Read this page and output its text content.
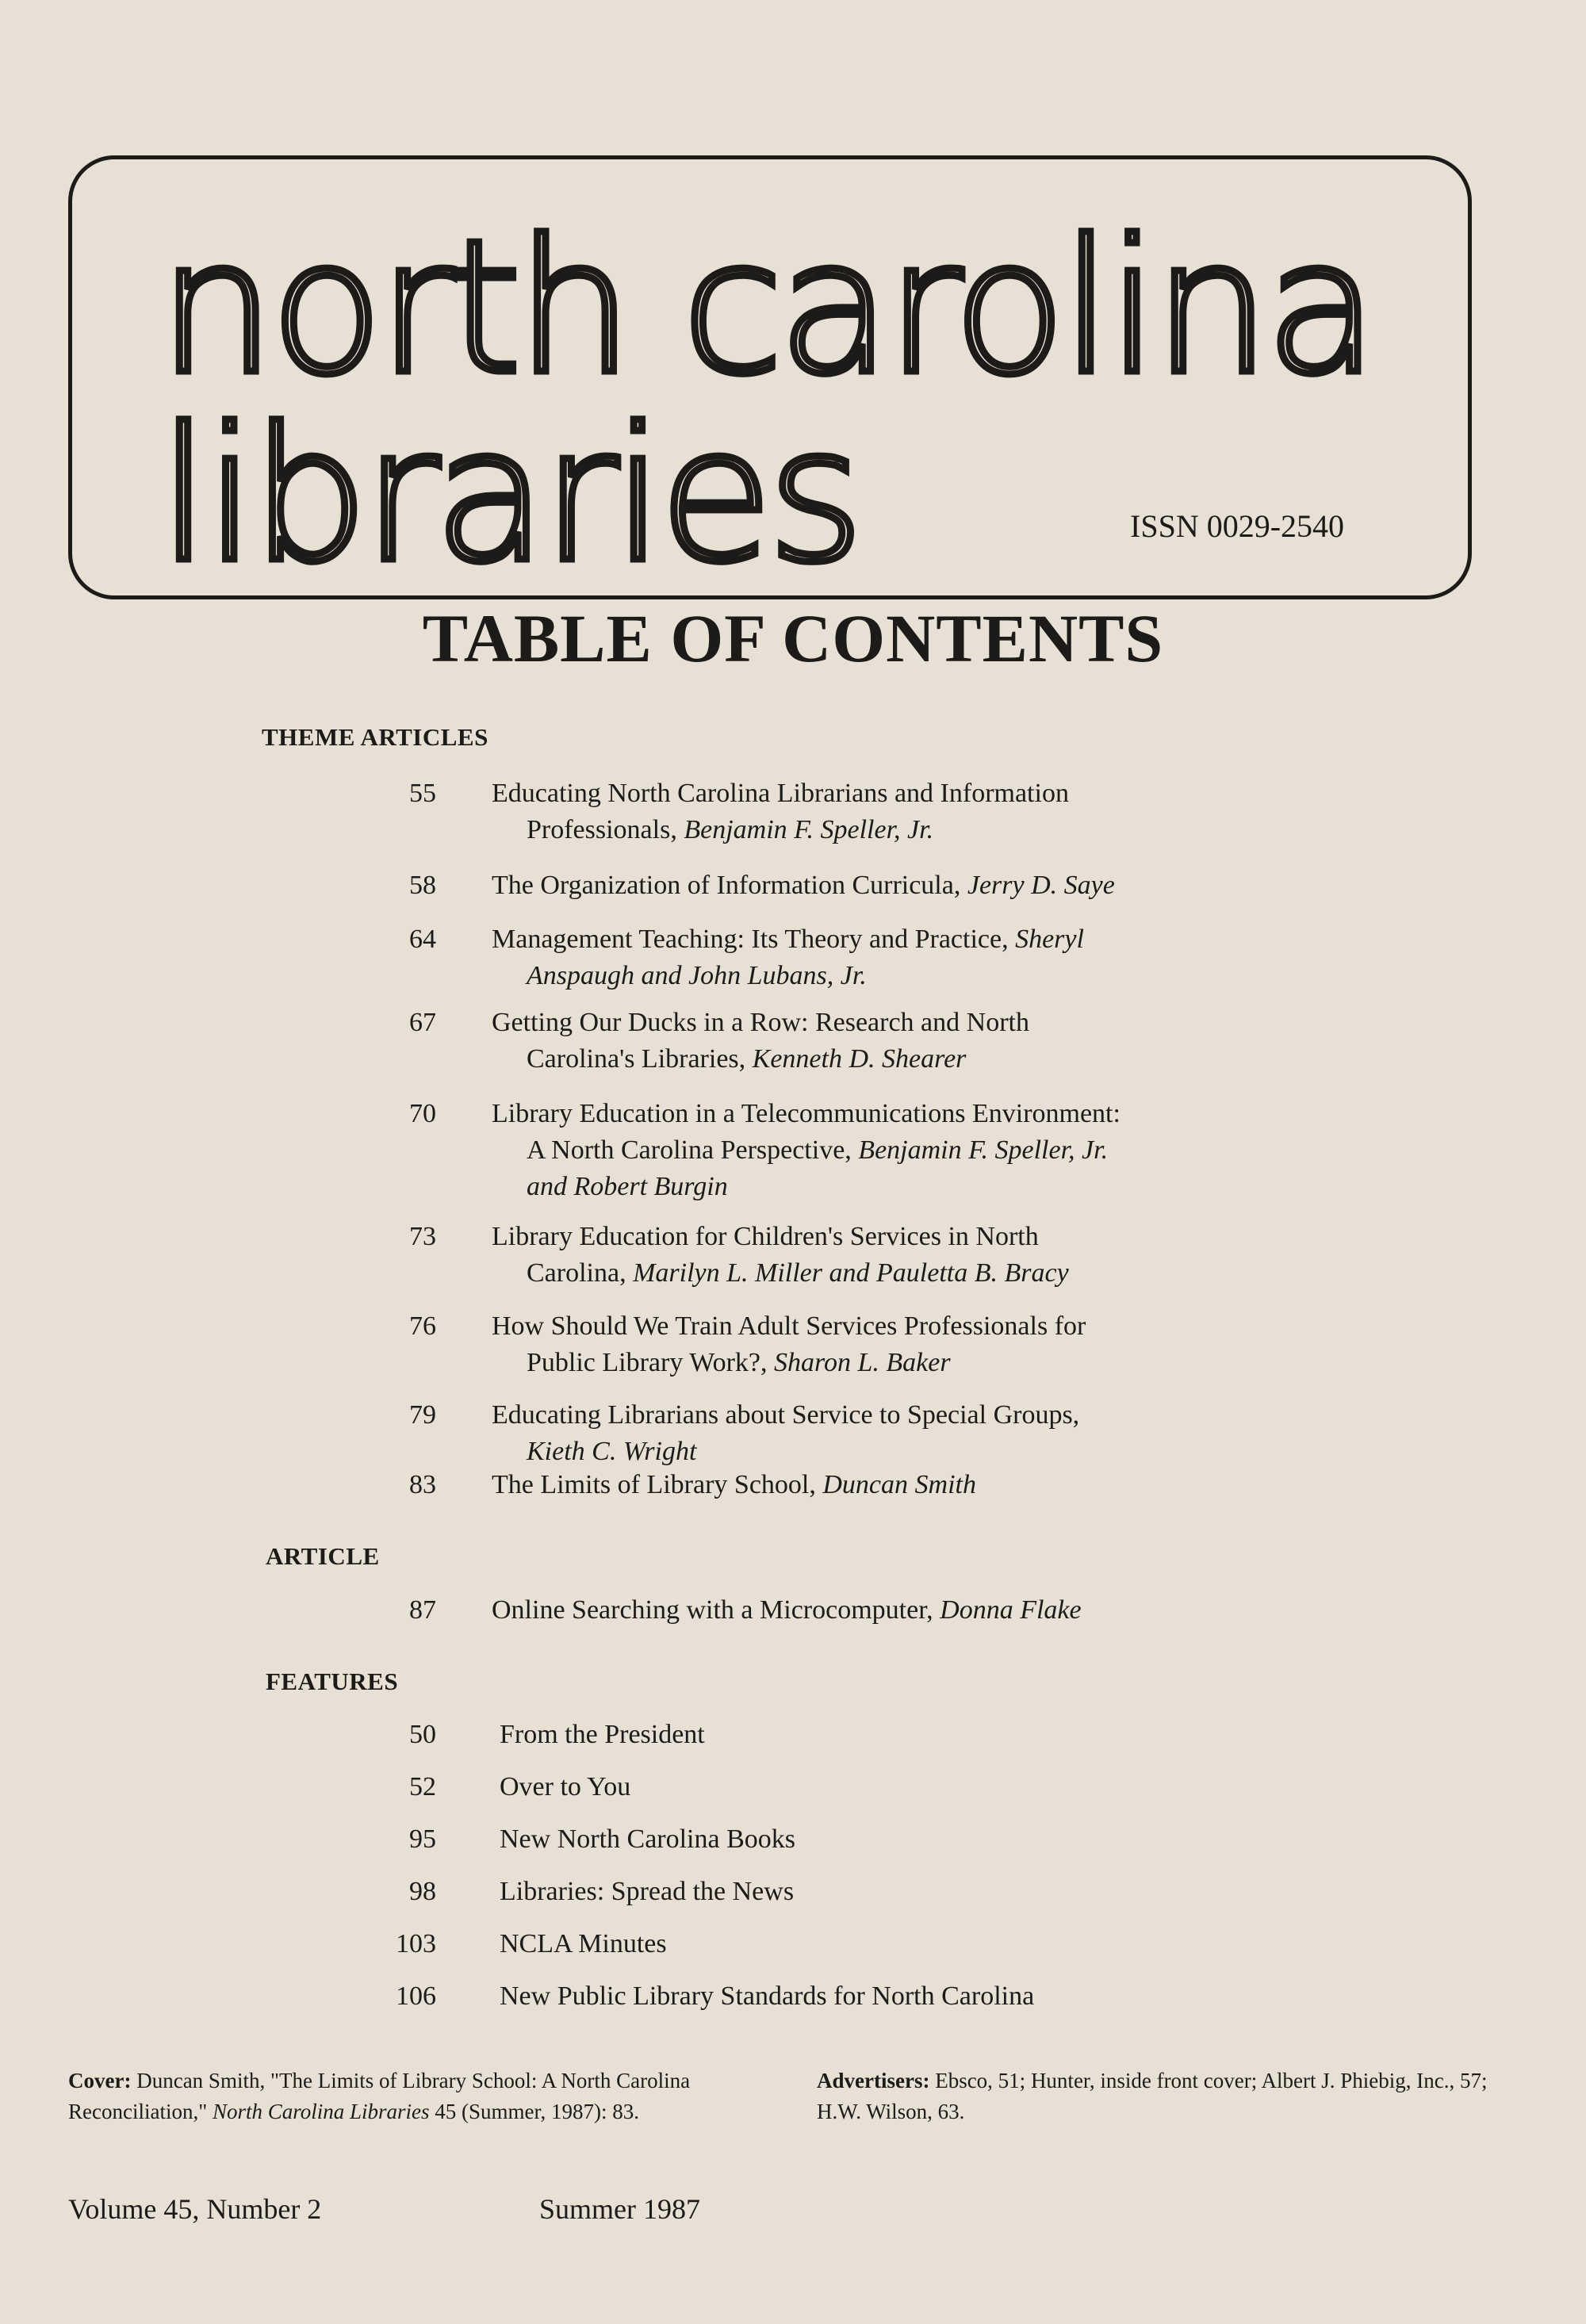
north carolina
libraries	ISSN 0029-2540
TABLE OF CONTENTS
THEME ARTICLES
55 Educating North Carolina Librarians and Information
Professionals, Benjamin F. Speller, Jr.
58 The Organization of Information Curricula, Jerry D. Saye
64 Management Teaching: Its Theory and Practice, Sheryl
Anspaugh and John Lubans, Jr.
67 Getting Our Ducks in a Row: Research and North
Carolina's Libraries, Kenneth D. Shearer
70 Library Education in a Telecommunications Environment:
A North Carolina Perspective, Benjamin F. Speller, Jr.
and Robert Burgin
73 Library Education for Children's Services in North
Carolina, Marilyn L. Miller and Pauletta B. Bracy
76 How Should We Train Adult Services Professionals for
Public Library Work?, Sharon L. Baker
79 Educating Librarians about Service to Special Groups,
Kieth C. Wright
83 The Limits of Library School, Duncan Smith
ARTICLE
87 Online Searching with a Microcomputer, Donna Flake
FEATURES
50 From the President
52 Over to You
95 New North Carolina Books
98 Libraries: Spread the News
103 NCLA Minutes
106 New Public Library Standards for North Carolina
Cover: Duncan Smith, "The Limits of Library School: A North Carolina Reconciliation," North Carolina Libraries 45 (Summer, 1987): 83.
Advertisers: Ebsco, 51; Hunter, inside front cover; Albert J. Phiebig, Inc., 57; H.W. Wilson, 63.
Volume 45, Number 2	Summer 1987
